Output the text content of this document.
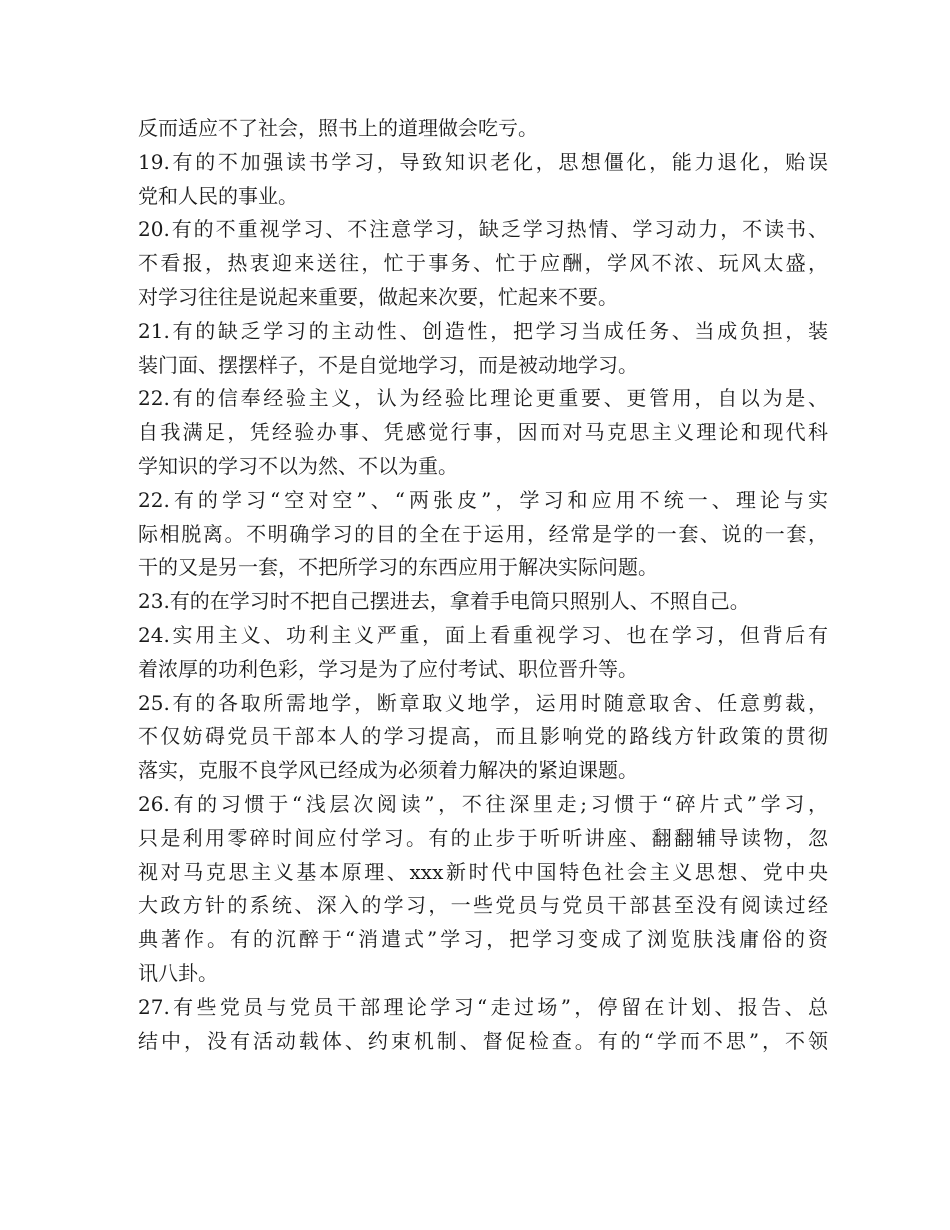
反而适应不了社会，照书上的道理做会吃亏。
19.有的不加强读书学习，导致知识老化，思想僵化，能力退化，贻误
党和人民的事业。
20.有的不重视学习、不注意学习，缺乏学习热情、学习动力，不读书、
不看报，热衷迎来送往，忙于事务、忙于应酬，学风不浓、玩风太盛，
对学习往往是说起来重要，做起来次要，忙起来不要。
21.有的缺乏学习的主动性、创造性，把学习当成任务、当成负担，装
装门面、摆摆样子，不是自觉地学习，而是被动地学习。
22.有的信奉经验主义，认为经验比理论更重要、更管用，自以为是、
自我满足，凭经验办事、凭感觉行事，因而对马克思主义理论和现代科
学知识的学习不以为然、不以为重。
22.有的学习“空对空”、“两张皮”，学习和应用不统一、理论与实
际相脱离。不明确学习的目的全在于运用，经常是学的一套、说的一套，
干的又是另一套，不把所学习的东西应用于解决实际问题。
23.有的在学习时不把自己摆进去，拿着手电筒只照别人、不照自己。
24.实用主义、功利主义严重，面上看重视学习、也在学习，但背后有
着浓厚的功利色彩，学习是为了应付考试、职位晋升等。
25.有的各取所需地学，断章取义地学，运用时随意取舍、任意剪裁，
不仅妨碍党员干部本人的学习提高，而且影响党的路线方针政策的贯彻
落实，克服不良学风已经成为必须着力解决的紧迫课题。
26.有的习惯于“浅层次阅读”，不往深里走;习惯于“碎片式”学习，
只是利用零碎时间应付学习。有的止步于听听讲座、翻翻辅导读物，忽
视对马克思主义基本原理、xxx新时代中国特色社会主义思想、党中央
大政方针的系统、深入的学习，一些党员与党员干部甚至没有阅读过经
典著作。有的沉醉于“消遣式”学习，把学习变成了浏览肤浅庸俗的资
讯八卦。
27.有些党员与党员干部理论学习“走过场”，停留在计划、报告、总
结中，没有活动载体、约束机制、督促检查。有的“学而不思”，不领
